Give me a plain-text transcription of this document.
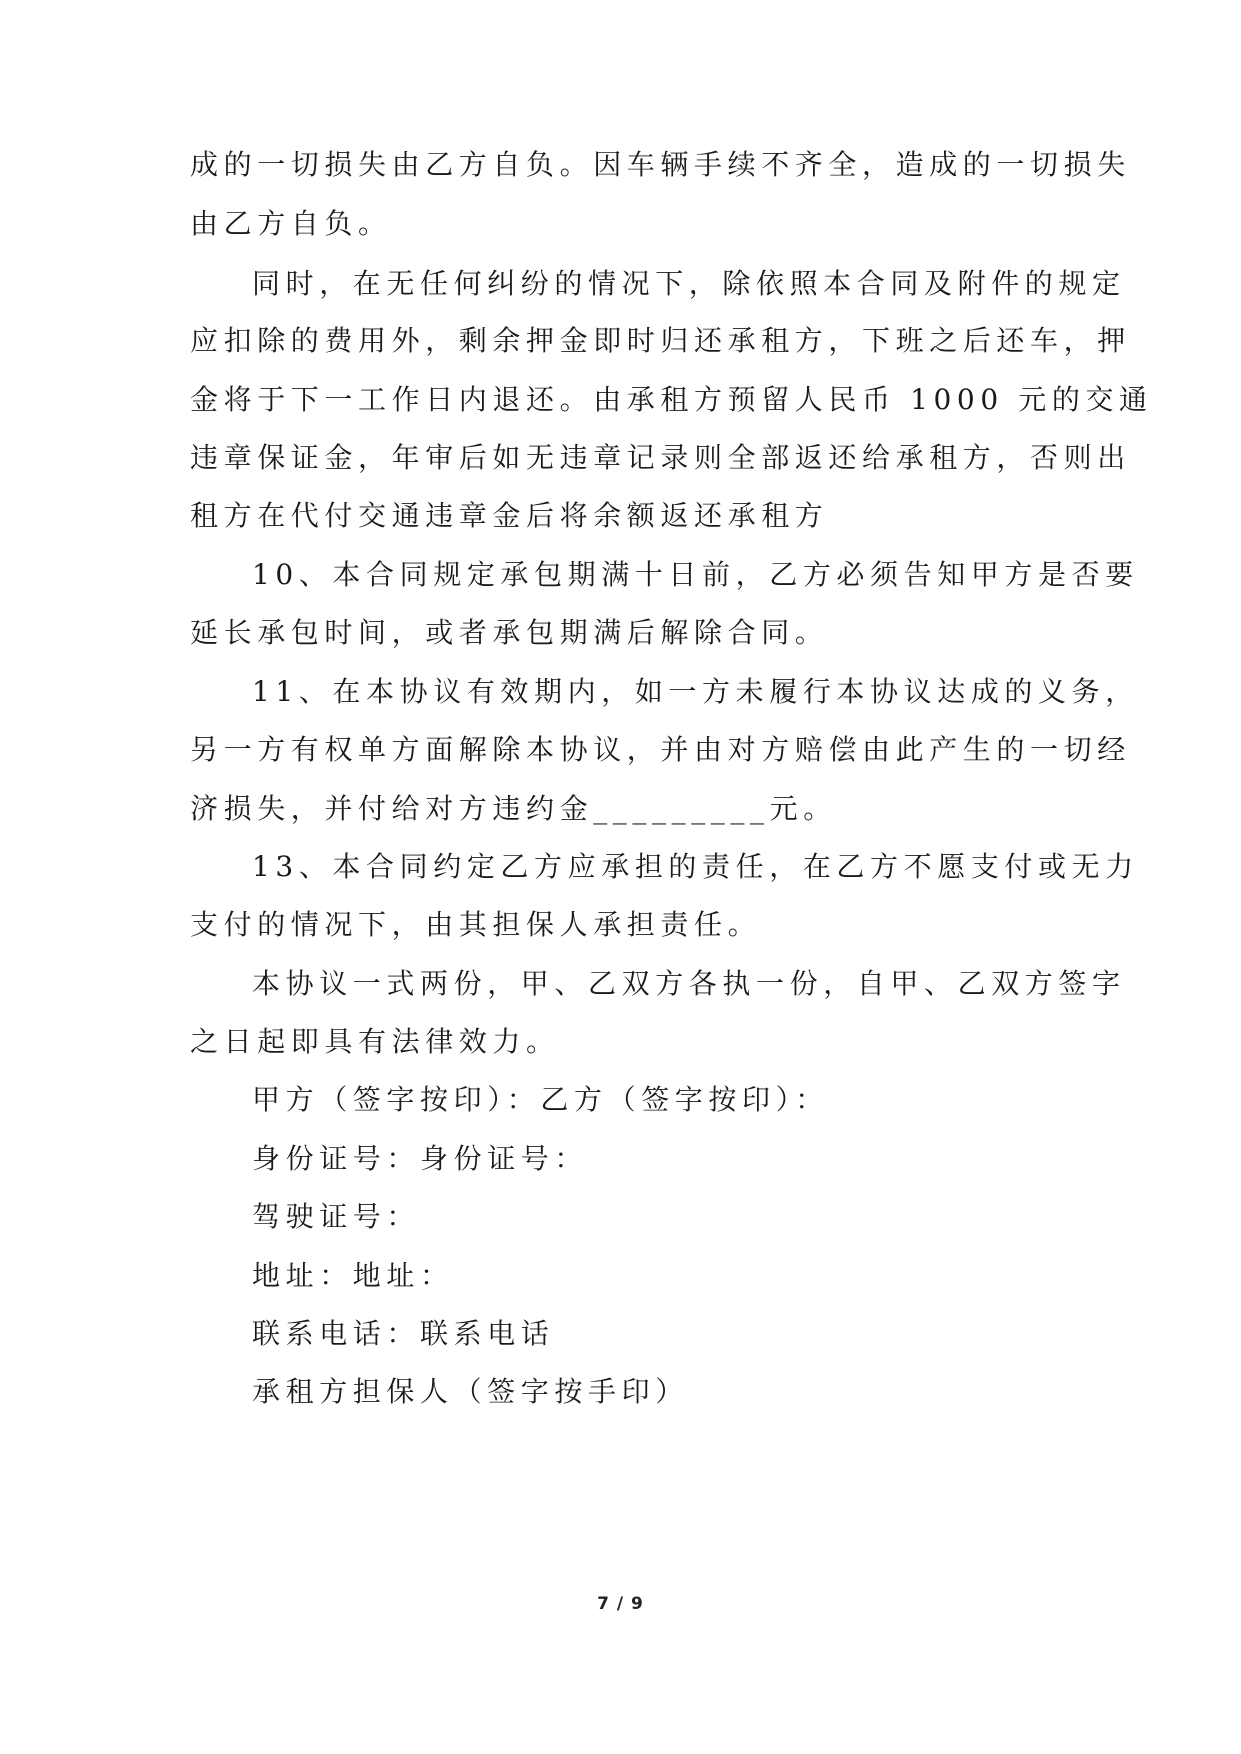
成的一切损失由乙方自负。因车辆手续不齐全，造成的一切损失
由乙方自负。
同时，在无任何纠纷的情况下，除依照本合同及附件的规定
应扣除的费用外，剩余押金即时归还承租方，下班之后还车，押
金将于下一工作日内退还。由承租方预留人民币 1000 元的交通
违章保证金，年审后如无违章记录则全部返还给承租方，否则出
租方在代付交通违章金后将余额返还承租方
10、本合同规定承包期满十日前，乙方必须告知甲方是否要
延长承包时间，或者承包期满后解除合同。
11、在本协议有效期内，如一方未履行本协议达成的义务，
另一方有权单方面解除本协议，并由对方赔偿由此产生的一切经
济损失，并付给对方违约金_________元。
13、本合同约定乙方应承担的责任，在乙方不愿支付或无力
支付的情况下，由其担保人承担责任。
本协议一式两份，甲、乙双方各执一份，自甲、乙双方签字
之日起即具有法律效力。
甲方（签字按印）：乙方（签字按印）：
身份证号：身份证号：
驾驶证号：
地址：地址：
联系电话：联系电话
承租方担保人（签字按手印）
7 / 9
